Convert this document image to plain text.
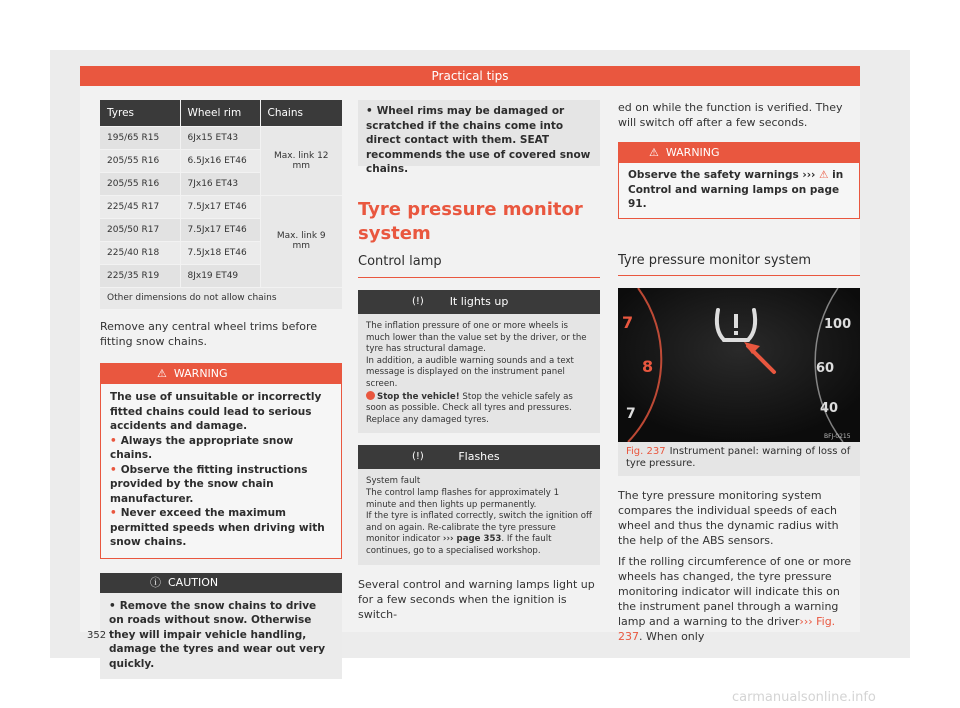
Practical tips
Tyres	Wheel rim	Chains
195/65 R15	6Jx15 ET43	Max. link 12 mm
205/55 R16	6.5Jx16 ET46	
205/55 R16	7Jx16 ET43	
225/45 R17	7.5Jx17 ET46	Max. link 9 mm
205/50 R17	7.5Jx17 ET46	
225/40 R18	7.5Jx18 ET46	
225/35 R19	8Jx19 ET49	
Other dimensions do not allow chains		

Remove any central wheel trims before fitting snow chains.

⚠ WARNING
The use of unsuitable or incorrectly fitted chains could lead to serious accidents and damage.
• Always the appropriate snow chains.
• Observe the fitting instructions provided by the snow chain manufacturer.
• Never exceed the maximum permitted speeds when driving with snow chains.
ⓘ CAUTION
• Remove the snow chains to drive on roads without snow. Otherwise they will impair vehicle handling, damage the tyres and wear out very quickly.
• Wheel rims may be damaged or scratched if the chains come into direct contact with them. SEAT recommends the use of covered snow chains.
Tyre pressure monitor system
Control lamp
(!) It lights up
The inflation pressure of one or more wheels is much lower than the value set by the driver, or the tyre has structural damage.
In addition, a audible warning sounds and a text message is displayed on the instrument panel screen.
Stop the vehicle! Stop the vehicle safely as soon as possible. Check all tyres and pressures. Replace any damaged tyres.
(!)	Flashes
System fault
The control lamp flashes for approximately 1 minute and then lights up permanently.
If the tyre is inflated correctly, switch the ignition off and on again. Re-calibrate the tyre pressure monitor indicator ››› page 353. If the fault continues, go to a specialised workshop.

Several control and warning lamps light up for a few seconds when the ignition is switch-

ed on while the function is verified. They will switch off after a few seconds.

⚠ WARNING
Observe the safety warnings ››› ⚠ in Control and warning lamps on page 91.
Tyre pressure monitor system
7
8
7
100
60
40
BFJ-0215
Fig. 237 Instrument panel: warning of loss of tyre pressure.

The tyre pressure monitoring system compares the individual speeds of each wheel and thus the dynamic radius with the help of the ABS sensors.

If the rolling circumference of one or more wheels has changed, the tyre pressure monitoring indicator will indicate this on the instrument panel through a warning lamp and a warning to the driver››› Fig. 237. When only

352
carmanualsonline.info
